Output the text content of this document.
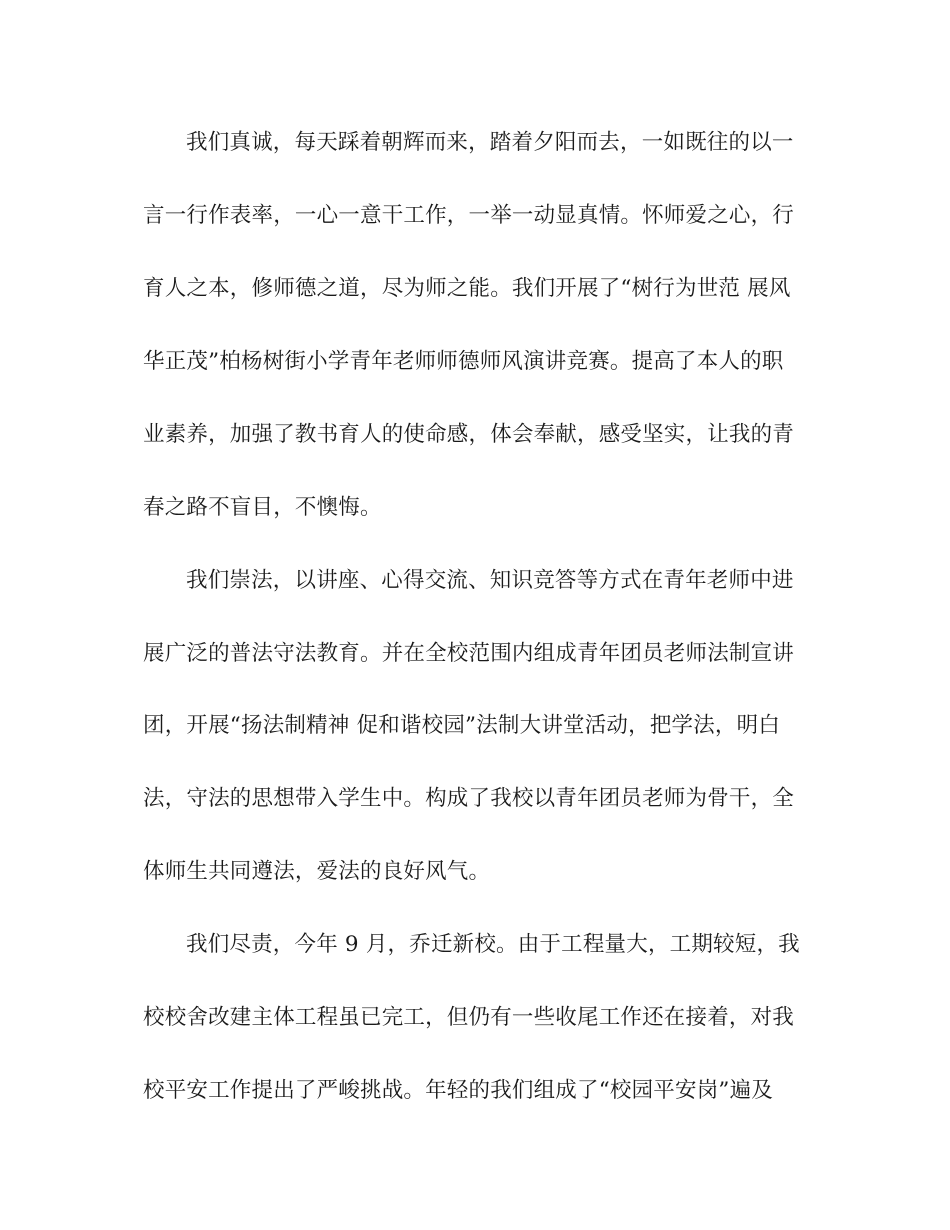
我们真诚，每天踩着朝辉而来，踏着夕阳而去，一如既往的以一
言一行作表率，一心一意干工作，一举一动显真情。怀师爱之心，行
育人之本，修师德之道，尽为师之能。我们开展了“树行为世范 展风
华正茂”柏杨树街小学青年老师师德师风演讲竞赛。提高了本人的职
业素养，加强了教书育人的使命感，体会奉献，感受坚实，让我的青
春之路不盲目，不懊悔。
我们崇法，以讲座、心得交流、知识竞答等方式在青年老师中进
展广泛的普法守法教育。并在全校范围内组成青年团员老师法制宣讲
团，开展“扬法制精神 促和谐校园”法制大讲堂活动，把学法，明白
法，守法的思想带入学生中。构成了我校以青年团员老师为骨干，全
体师生共同遵法，爱法的良好风气。
我们尽责，今年 9 月，乔迁新校。由于工程量大，工期较短，我
校校舍改建主体工程虽已完工，但仍有一些收尾工作还在接着，对我
校平安工作提出了严峻挑战。年轻的我们组成了“校园平安岗”遍及
